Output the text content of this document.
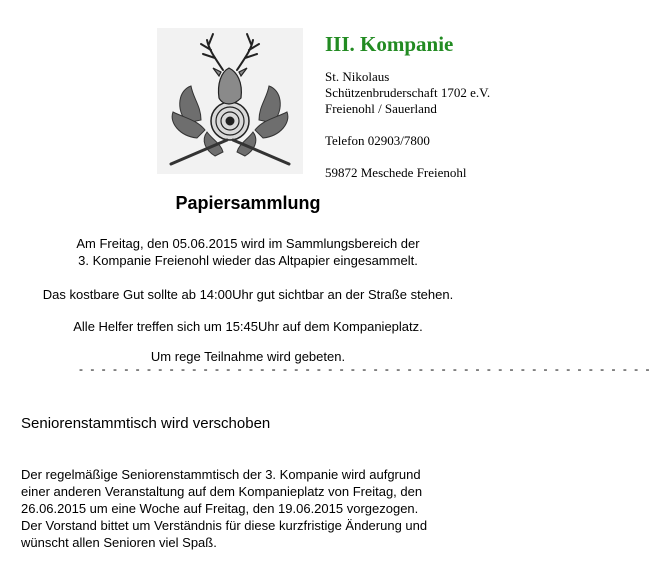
III. Kompanie

St. Nikolaus

Schützenbruderschaft 1702 e.V.

Freienohl / Sauerland

Telefon 02903/7800

59872 Meschede Freienohl

Papiersammlung
Am Freitag, den 05.06.2015 wird im Sammlungsbereich der
3. Kompanie Freienohl wieder das Altpapier eingesammelt.
Das kostbare Gut sollte ab 14:00Uhr gut sichtbar an der Straße stehen.
Alle Helfer treffen sich um 15:45Uhr auf dem Kompanieplatz.
Um rege Teilnahme wird gebeten.
- - - - - - - - - - - - - - - - - - - - - - - - - - - - - - - - - - - - - - - - - - - - - - - - - - -
Seniorenstammtisch wird verschoben
Der regelmäßige Seniorenstammtisch der 3. Kompanie wird aufgrund
einer anderen Veranstaltung auf dem Kompanieplatz von Freitag, den
26.06.2015 um eine Woche auf Freitag, den 19.06.2015 vorgezogen.
Der Vorstand bittet um Verständnis für diese kurzfristige Änderung und
wünscht allen Senioren viel Spaß.
